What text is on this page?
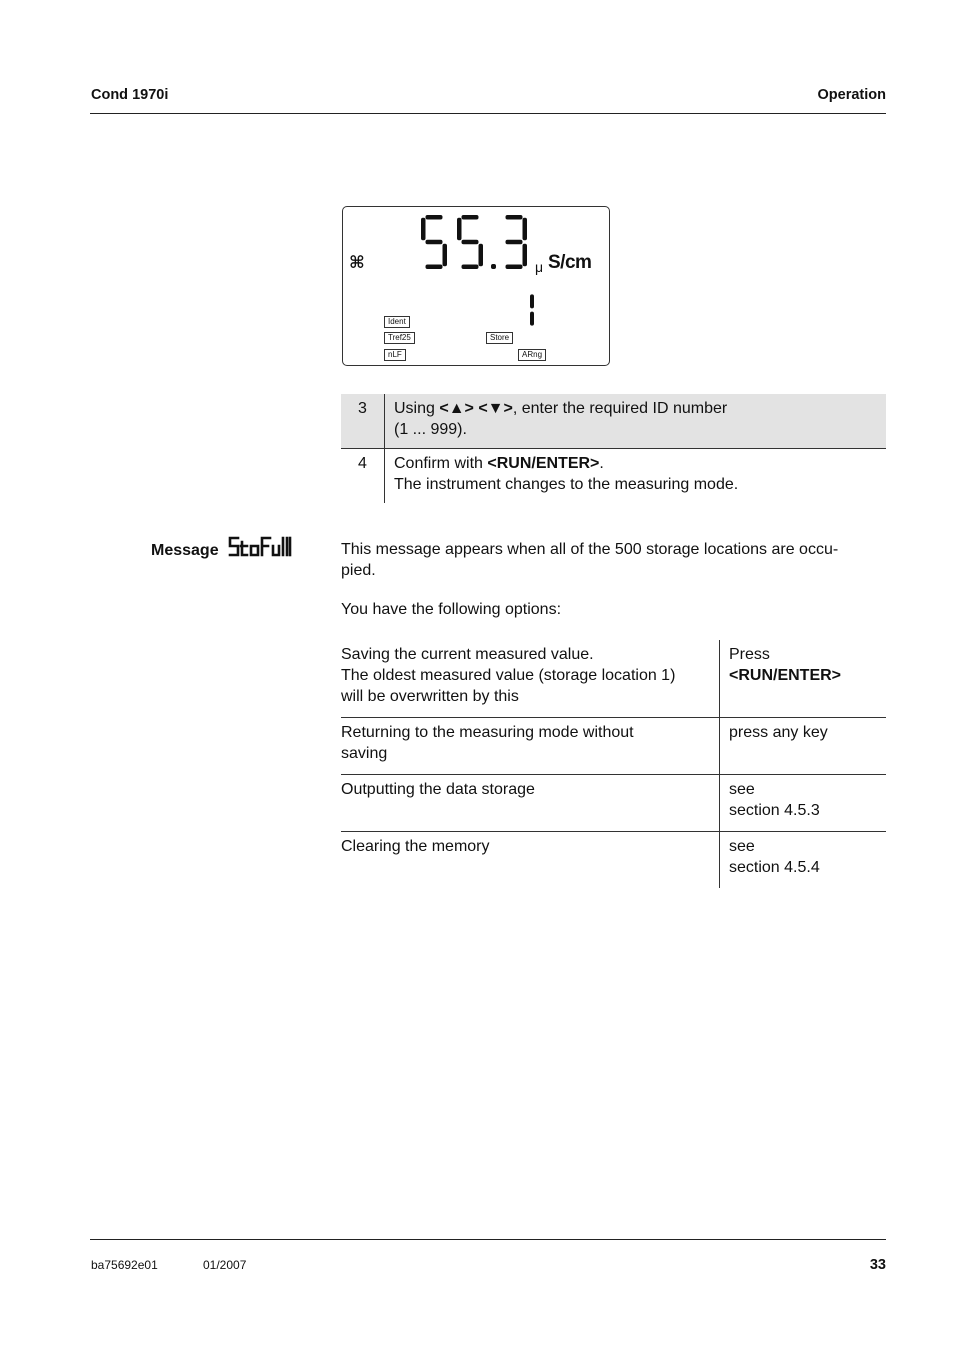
Cond 1970i	Operation
⌘	μ S/cm
Ident
Tref25	Store
nLF	ARng
3	Using <▲> <▼>, enter the required ID number
(1 ... 999).
4	Confirm with <RUN/ENTER>.
The instrument changes to the measuring mode.
Message	This message appears when all of the 500 storage locations are occu-
pied.
You have the following options:
Saving the current measured value.
The oldest measured value (storage location 1)
will be overwritten by this	Press
<RUN/ENTER>
Returning to the measuring mode without
saving	press any key
Outputting the data storage	see
section 4.5.3
Clearing the memory	see
section 4.5.4
ba75692e01	01/2007	33
